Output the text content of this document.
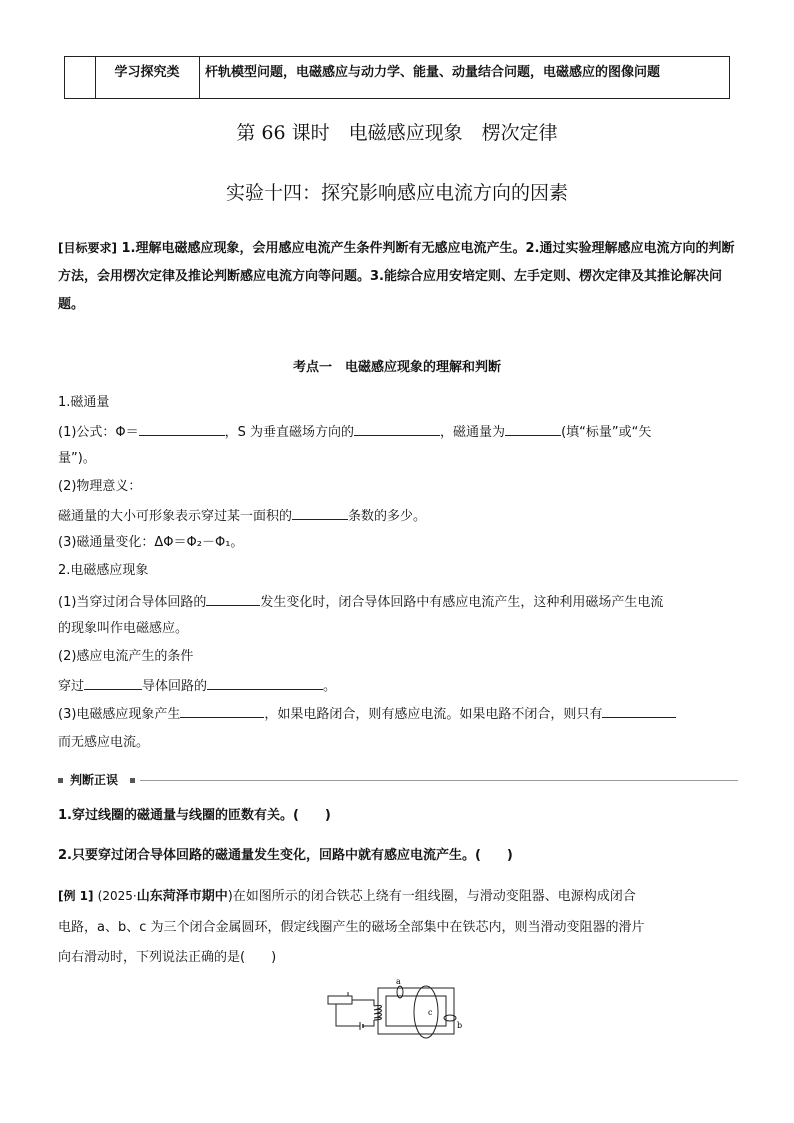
学习探究类	杆轨模型问题，电磁感应与动力学、能量、动量结合问题，电磁感应的图像问题
第 66 课时　电磁感应现象　楞次定律
实验十四：探究影响感应电流方向的因素
[目标要求] 1.理解电磁感应现象，会用感应电流产生条件判断有无感应电流产生。2.通过实验理解感应电流方向的判断方法，会用楞次定律及推论判断感应电流方向等问题。3.能综合应用安培定则、左手定则、楞次定律及其推论解决问题。
考点一　电磁感应现象的理解和判断
1.磁通量
(1)公式：Φ＝	，S 为垂直磁场方向的	，磁通量为	(填“标量”或“矢
量”)。
(2)物理意义：
磁通量的大小可形象表示穿过某一面积的	条数的多少。
(3)磁通量变化：ΔΦ＝Φ₂－Φ₁。
2.电磁感应现象
(1)当穿过闭合导体回路的	发生变化时，闭合导体回路中有感应电流产生，这种利用磁场产生电流
的现象叫作电磁感应。
(2)感应电流产生的条件
穿过	导体回路的	。
(3)电磁感应现象产生	，如果电路闭合，则有感应电流。如果电路不闭合，则只有
而无感应电流。
判断正误
1.穿过线圈的磁通量与线圈的匝数有关。(　　)
2.只要穿过闭合导体回路的磁通量发生变化，回路中就有感应电流产生。(　　)
[例 1] (2025·山东菏泽市期中)在如图所示的闭合铁芯上绕有一组线圈，与滑动变阻器、电源构成闭合
电路，a、b、c 为三个闭合金属圆环，假定线圈产生的磁场全部集中在铁芯内，则当滑动变阻器的滑片
向右滑动时，下列说法正确的是(　　)
a
b
c
